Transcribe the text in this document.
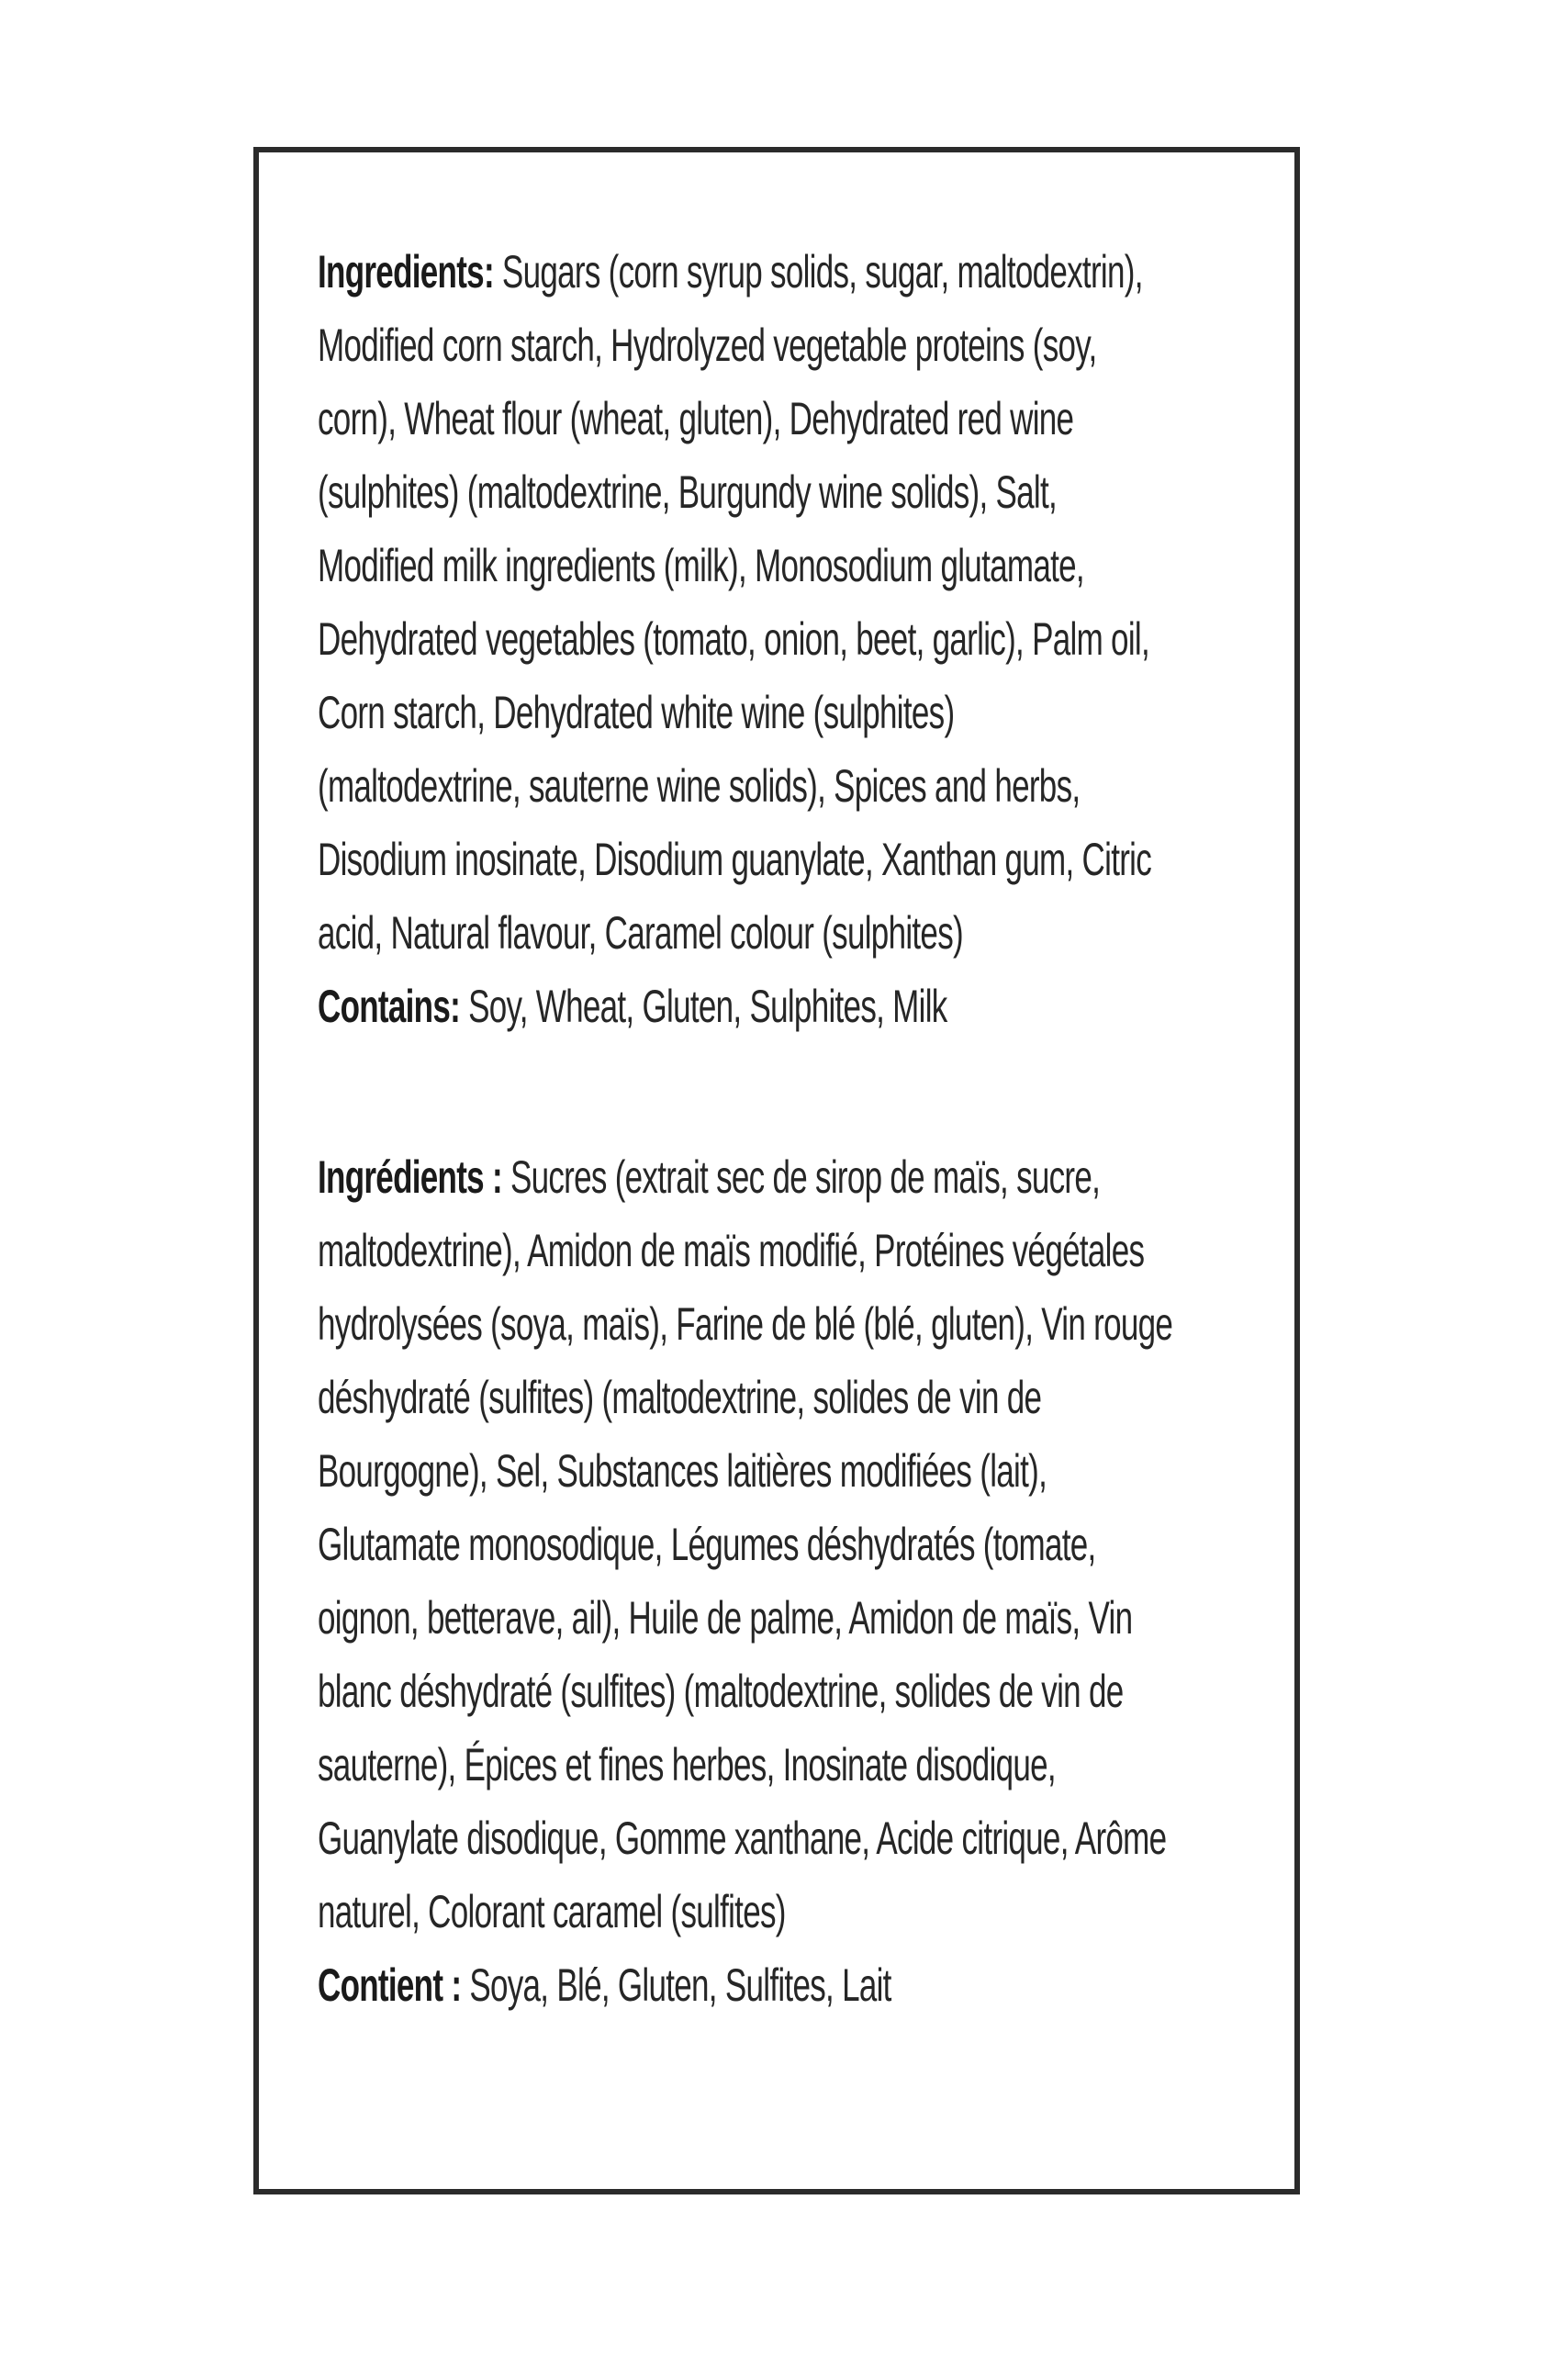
Ingredients: Sugars (corn syrup solids, sugar, maltodextrin),
Modified corn starch, Hydrolyzed vegetable proteins (soy,
corn), Wheat flour (wheat, gluten), Dehydrated red wine
(sulphites) (maltodextrine, Burgundy wine solids), Salt,
Modified milk ingredients (milk), Monosodium glutamate,
Dehydrated vegetables (tomato, onion, beet, garlic), Palm oil,
Corn starch, Dehydrated white wine (sulphites)
(maltodextrine, sauterne wine solids), Spices and herbs,
Disodium inosinate, Disodium guanylate, Xanthan gum, Citric
acid, Natural flavour, Caramel colour (sulphites)
Contains: Soy, Wheat, Gluten, Sulphites, Milk
Ingrédients : Sucres (extrait sec de sirop de maïs, sucre,
maltodextrine), Amidon de maïs modifié, Protéines végétales
hydrolysées (soya, maïs), Farine de blé (blé, gluten), Vin rouge
déshydraté (sulfites) (maltodextrine, solides de vin de
Bourgogne), Sel, Substances laitières modifiées (lait),
Glutamate monosodique, Légumes déshydratés (tomate,
oignon, betterave, ail), Huile de palme, Amidon de maïs, Vin
blanc déshydraté (sulfites) (maltodextrine, solides de vin de
sauterne), Épices et fines herbes, Inosinate disodique,
Guanylate disodique, Gomme xanthane, Acide citrique, Arôme
naturel, Colorant caramel (sulfites)
Contient : Soya, Blé, Gluten, Sulfites, Lait
